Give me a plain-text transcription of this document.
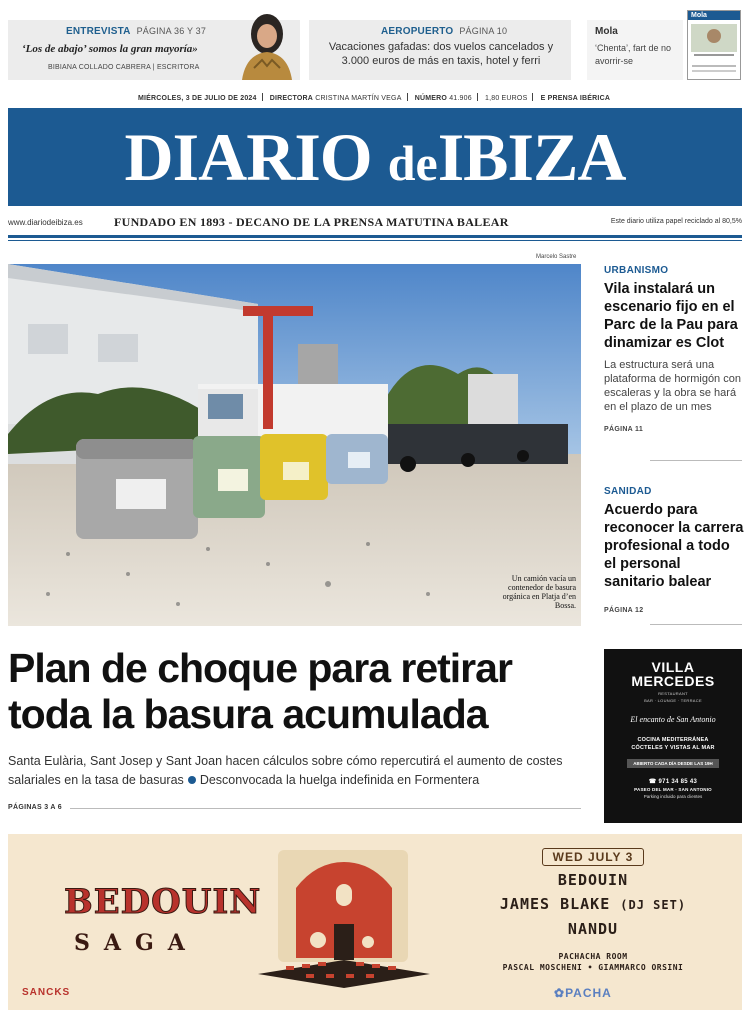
ENTREVISTA PÁGINA 36 Y 37
‘Los de abajo’ somos la gran mayoría»
BIBIANA COLLADO CABRERA | ESCRITORA
AEROPUERTO PÁGINA 10
Vacaciones gafadas: dos vuelos cancelados y 3.000 euros de más en taxis, hotel y ferri
Mola
‘Chenta’, fart de no avorrir-se
Mola
MIÉRCOLES, 3 DE JULIO DE 2024 DIRECTORA CRISTINA MARTÍN VEGA NÚMERO 41.906 1,80 EUROS E PRENSA IBÉRICA
DIARIO deIBIZA
www.diariodeibiza.es	FUNDADO EN 1893 - DECANO DE LA PRENSA MATUTINA BALEAR	Este diario utiliza papel reciclado al 80,5%
Marcelo Sastre
Un camión vacía un contenedor de basura orgánica en Platja d’en Bossa.
URBANISMO
Vila instalará un escenario fijo en el Parc de la Pau para dinamizar es Clot
La estructura será una plataforma de hormigón con escaleras y la obra se hará en el plazo de un mes
PÁGINA 11
SANIDAD
Acuerdo para reconocer la carrera profesional a todo el personal sanitario balear
PÁGINA 12
Plan de choque para retirar
toda la basura acumulada
Santa Eulària, Sant Josep y Sant Joan hacen cálculos sobre cómo repercutirá el aumento de costes salariales en la tasa de basuras Desconvocada la huelga indefinida en Formentera
PÁGINAS 3 A 6
VILLA
MERCEDES
RESTAURANT
BAR · LOUNGE · TERRACE
El encanto de San Antonio
COCINA MEDITERRÁNEA
CÓCTELES Y VISTAS AL MAR
ABIERTO CADA DÍA DESDE LAS 19H
☎ 971 34 85 43
PASEO DEL MAR - SAN ANTONIO
Parking incluido para clientes
BEDOUIN
SAGA
SANCKS
WED JULY 3
BEDOUIN
JAMES BLAKE (DJ SET)
NANDU
PACHACHA ROOM
PASCAL MOSCHENI • GIAMMARCO ORSINI
✿PACHA
